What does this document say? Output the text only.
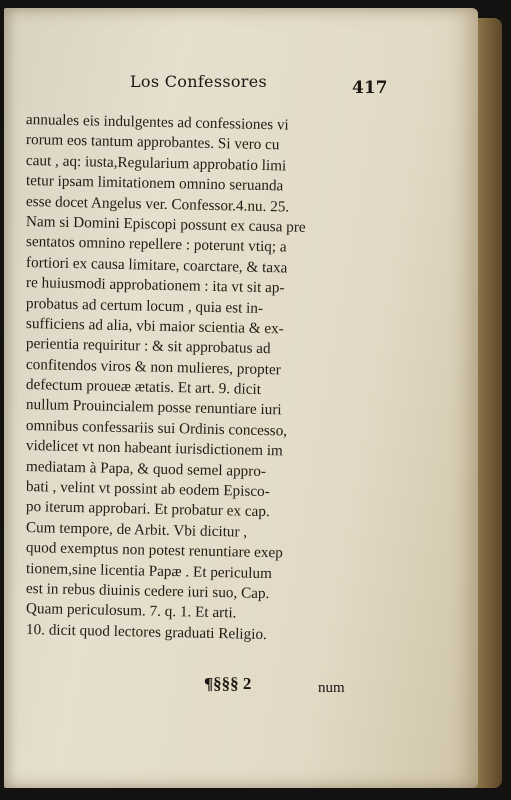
Los Confessores	417
annuales eis indulgentes ad confessiones vi
rorum eos tantum approbantes. Si vero cu
caut , aq: iusta,Regularium approbatio limi
tetur ipsam limitationem omnino seruanda
esse docet Angelus ver. Confessor.4.nu. 25.
Nam si Domini Episcopi possunt ex causa pre
sentatos omnino repellere : poterunt vtiq; a
fortiori ex causa limitare, coarctare, & taxa
re huiusmodi approbationem : ita vt sit ap-
probatus ad certum locum , quia est in-
sufficiens ad alia, vbi maior scientia & ex-
perientia requiritur : & sit approbatus ad
confitendos viros & non mulieres, propter
defectum proueæ ætatis. Et art. 9. dicit
nullum Prouincialem posse renuntiare iuri
omnibus confessariis sui Ordinis concesso,
videlicet vt non habeant iurisdictionem im
mediatam à Papa, & quod semel appro-
bati , velint vt possint ab eodem Episco-
po iterum approbari. Et probatur ex cap.
Cum tempore, de Arbit. Vbi dicitur ,
quod exemptus non potest renuntiare exep
tionem,sine licentia Papæ . Et periculum
est in rebus diuinis cedere iuri suo, Cap.
Quam periculosum. 7. q. 1. Et arti.
10. dicit quod lectores graduati Religio.
¶§§§ 2	num
